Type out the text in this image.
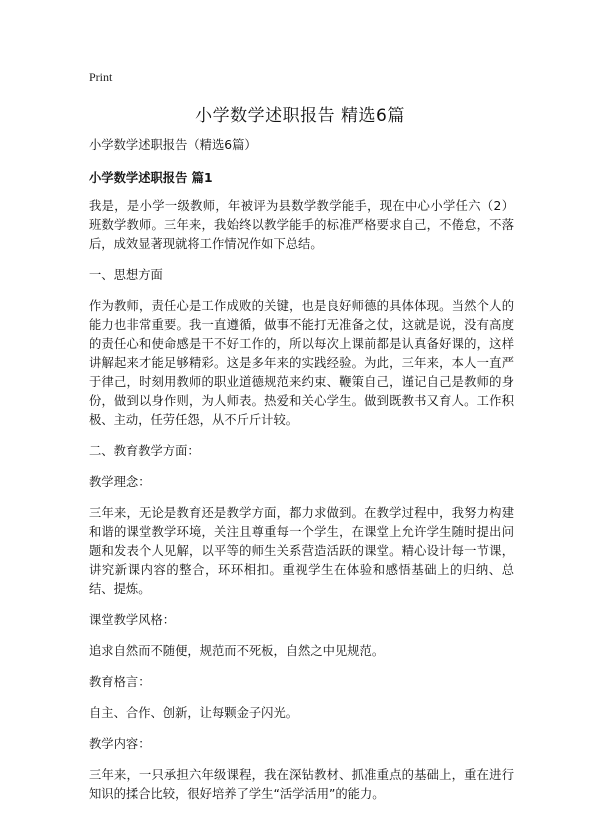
Print
小学数学述职报告 精选6篇

小学数学述职报告（精选6篇）

小学数学述职报告 篇1

我是，是小学一级教师，年被评为县数学教学能手，现在中心小学任六（2）班数学教师。三年来，我始终以教学能手的标准严格要求自己，不倦怠，不落后，成效显著现就将工作情况作如下总结。

一、思想方面

作为教师，责任心是工作成败的关键，也是良好师德的具体体现。当然个人的能力也非常重要。我一直遵循，做事不能打无准备之仗，这就是说，没有高度的责任心和使命感是干不好工作的，所以每次上课前都是认真备好课的，这样讲解起来才能足够精彩。这是多年来的实践经验。为此，三年来，本人一直严于律己，时刻用教师的职业道德规范来约束、鞭策自己，谨记自己是教师的身份，做到以身作则，为人师表。热爱和关心学生。做到既教书又育人。工作积极、主动，任劳任怨，从不斤斤计较。

二、教育教学方面：

教学理念：

三年来，无论是教育还是教学方面，都力求做到。在教学过程中，我努力构建和谐的课堂教学环境，关注且尊重每一个学生，在课堂上允许学生随时提出问题和发表个人见解，以平等的师生关系营造活跃的课堂。精心设计每一节课，讲究新课内容的整合，环环相扣。重视学生在体验和感悟基础上的归纳、总结、提炼。

课堂教学风格：

追求自然而不随便，规范而不死板，自然之中见规范。

教育格言：

自主、合作、创新，让每颗金子闪光。

教学内容：

三年来，一只承担六年级课程，我在深钻教材、抓准重点的基础上，重在进行知识的揉合比较，很好培养了学生“活学活用”的能力。
